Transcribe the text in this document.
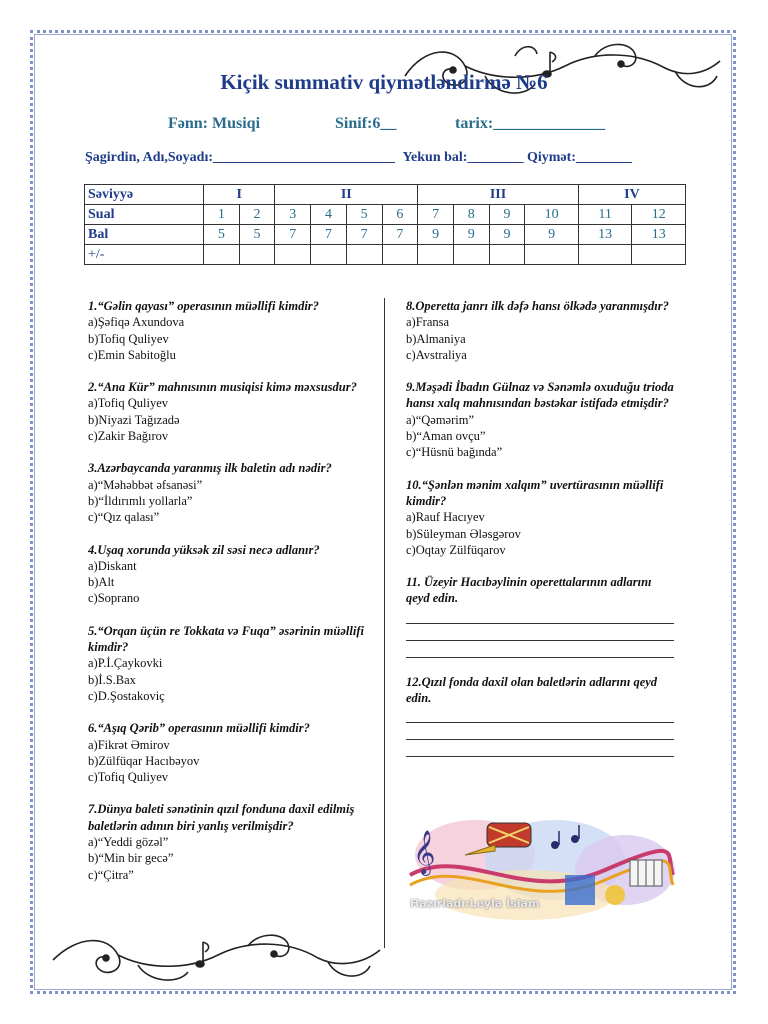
Kiçik summativ qiymətləndirmə №6
Fənn: Musiqi	Sinif:6__	tarix:______________
Şagirdin, Adı,Soyadı:__________________________ Yekun bal:________ Qiymət:________
Səviyyə	I		II				III				IV	
Sual	1	2	3	4	5	6	7	8	9	10	11	12
Bal	5	5	7	7	7	7	9	9	9	9	13	13
+/-												
1.“Gəlin qayası” operasının müəllifi kimdir?
a)Şəfiqə Axundova
b)Tofiq Quliyev
c)Emin Sabitoğlu
2.“Ana Kür” mahnısının musiqisi kimə məxsusdur?
a)Tofiq Quliyev
b)Niyazi Tağızadə
c)Zakir Bağırov
3.Azərbaycanda yaranmış ilk baletin adı nədir?
a)“Məhəbbət əfsanəsi”
b)“İldırımlı yollarla”
c)“Qız qalası”
4.Uşaq xorunda yüksək zil səsi necə adlanır?
a)Diskant
b)Alt
c)Soprano
5.“Orqan üçün re Tokkata və Fuqa” əsərinin müəllifi kimdir?
a)P.İ.Çaykovki
b)İ.S.Bax
c)D.Şostakoviç
6.“Aşıq Qərib” operasının müəllifi kimdir?
a)Fikrət Əmirov
b)Zülfüqar Hacıbəyov
c)Tofiq Quliyev
7.Dünya baleti sənətinin qızıl fonduna daxil edilmiş baletlərin adının biri yanlış verilmişdir?
a)“Yeddi gözəl”
b)“Min bir gecə”
c)“Çitra”
8.Operetta janrı ilk dəfə hansı ölkədə yaranmışdır?
a)Fransa
b)Almaniya
c)Avstraliya
9.Məşədi İbadın Gülnaz və Sənəmlə oxuduğu trioda hansı xalq mahnısından bəstəkar istifadə etmişdir?
a)“Qəmərim”
b)“Aman ovçu”
c)“Hüsnü bağında”
10.“Şənlən mənim xalqım” uvertürasının müəllifi kimdir?
a)Rauf Hacıyev
b)Süleyman Ələsgərov
c)Oqtay Zülfüqarov
11. Üzeyir Hacıbəylinin operettalarının adlarını qeyd edin.
12.Qızıl fonda daxil olan baletlərin adlarını qeyd edin.
𝄞
Hazırladı:Leyla İslam
